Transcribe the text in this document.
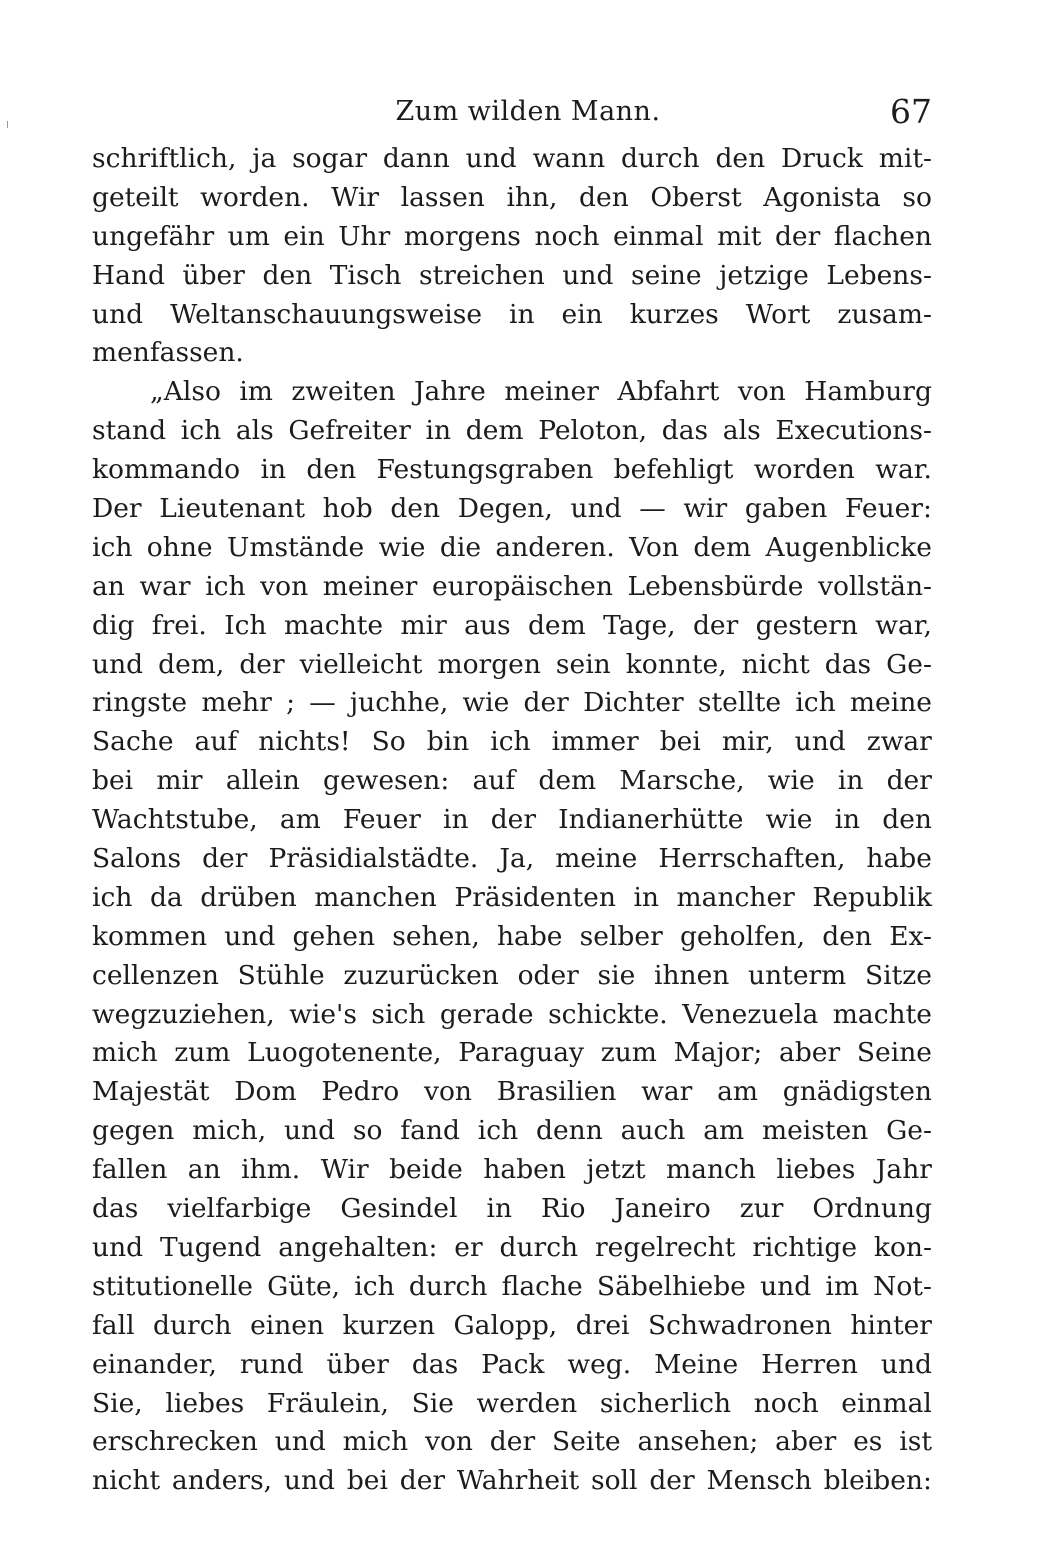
Zum wilden Mann.	67
schriftlich, ja sogar dann und wann durch den Druck mit-
geteilt worden. Wir lassen ihn, den Oberst Agonista so
ungefähr um ein Uhr morgens noch einmal mit der flachen
Hand über den Tisch streichen und seine jetzige Lebens-
und Weltanschauungsweise in ein kurzes Wort zusam-
menfassen.
„Also im zweiten Jahre meiner Abfahrt von Hamburg
stand ich als Gefreiter in dem Peloton, das als Executions-
kommando in den Festungsgraben befehligt worden war.
Der Lieutenant hob den Degen, und — wir gaben Feuer:
ich ohne Umstände wie die anderen. Von dem Augenblicke
an war ich von meiner europäischen Lebensbürde vollstän-
dig frei. Ich machte mir aus dem Tage, der gestern war,
und dem, der vielleicht morgen sein konnte, nicht das Ge-
ringste mehr ; — juchhe, wie der Dichter stellte ich meine
Sache auf nichts! So bin ich immer bei mir, und zwar
bei mir allein gewesen: auf dem Marsche, wie in der
Wachtstube, am Feuer in der Indianerhütte wie in den
Salons der Präsidialstädte. Ja, meine Herrschaften, habe
ich da drüben manchen Präsidenten in mancher Republik
kommen und gehen sehen, habe selber geholfen, den Ex-
cellenzen Stühle zuzurücken oder sie ihnen unterm Sitze
wegzuziehen, wie's sich gerade schickte. Venezuela machte
mich zum Luogotenente, Paraguay zum Major; aber Seine
Majestät Dom Pedro von Brasilien war am gnädigsten
gegen mich, und so fand ich denn auch am meisten Ge-
fallen an ihm. Wir beide haben jetzt manch liebes Jahr
das vielfarbige Gesindel in Rio Janeiro zur Ordnung
und Tugend angehalten: er durch regelrecht richtige kon-
stitutionelle Güte, ich durch flache Säbelhiebe und im Not-
fall durch einen kurzen Galopp, drei Schwadronen hinter
einander, rund über das Pack weg. Meine Herren und
Sie, liebes Fräulein, Sie werden sicherlich noch einmal
erschrecken und mich von der Seite ansehen; aber es ist
nicht anders, und bei der Wahrheit soll der Mensch bleiben:
